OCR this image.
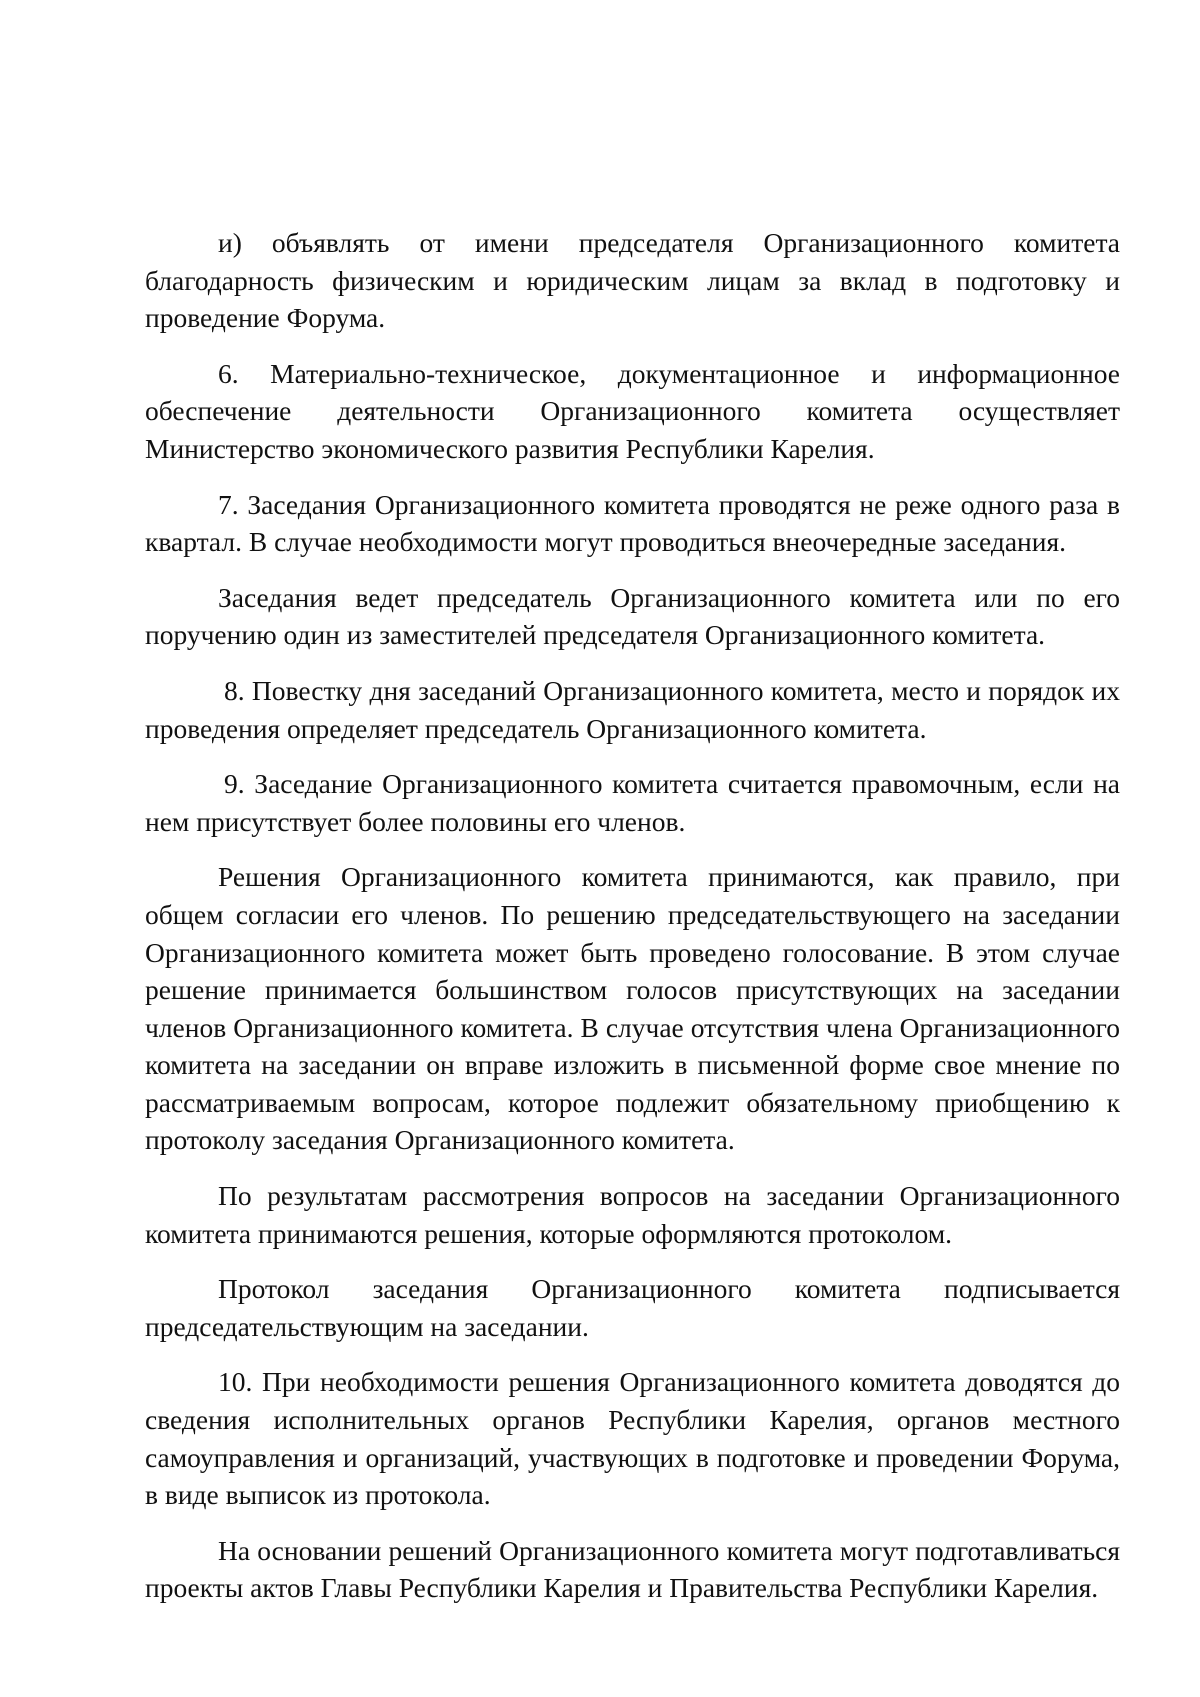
и) объявлять от имени председателя Организационного комитета благодарность физическим и юридическим лицам за вклад в подготовку и проведение Форума.

6. Материально-техническое, документационное и информационное обеспечение деятельности Организационного комитета осуществляет Министерство экономического развития Республики Карелия.

7. Заседания Организационного комитета проводятся не реже одного раза в квартал. В случае необходимости могут проводиться внеочередные заседания.

Заседания ведет председатель Организационного комитета или по его поручению один из заместителей председателя Организационного комитета.

8. Повестку дня заседаний Организационного комитета, место и порядок их проведения определяет председатель Организационного комитета.

9. Заседание Организационного комитета считается правомочным, если на нем присутствует более половины его членов.

Решения Организационного комитета принимаются, как правило, при общем согласии его членов. По решению председательствующего на заседании Организационного комитета может быть проведено голосование. В этом случае решение принимается большинством голосов присутствующих на заседании членов Организационного комитета. В случае отсутствия члена Организационного комитета на заседании он вправе изложить в письменной форме свое мнение по рассматриваемым вопросам, которое подлежит обязательному приобщению к протоколу заседания Организационного комитета.

По результатам рассмотрения вопросов на заседании Организационного комитета принимаются решения, которые оформляются протоколом.

Протокол заседания Организационного комитета подписывается председательствующим на заседании.

10. При необходимости решения Организационного комитета доводятся до сведения исполнительных органов Республики Карелия, органов местного самоуправления и организаций, участвующих в подготовке и проведении Форума, в виде выписок из протокола.

На основании решений Организационного комитета могут подготавливаться проекты актов Главы Республики Карелия и Правительства Республики Карелия.
